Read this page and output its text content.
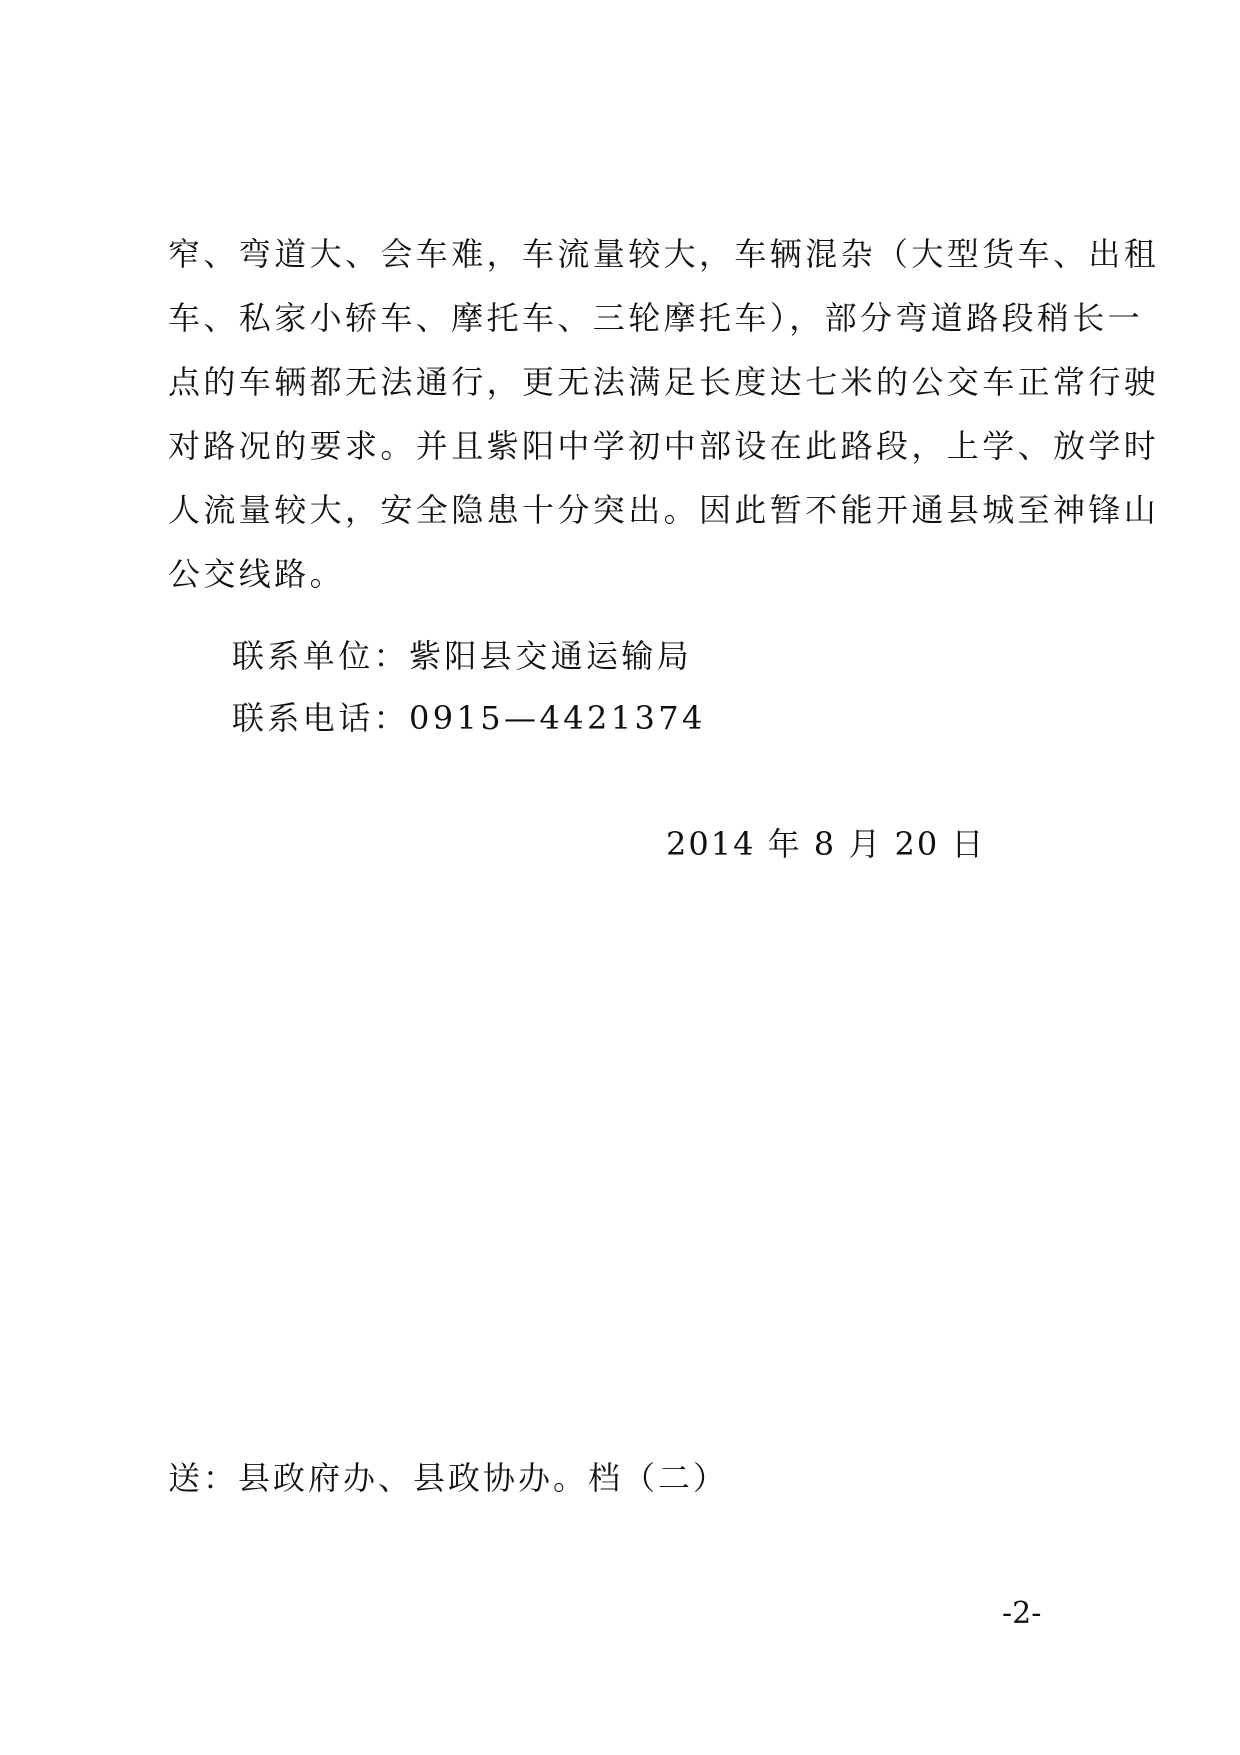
窄、弯道大、会车难，车流量较大，车辆混杂（大型货车、出租
车、私家小轿车、摩托车、三轮摩托车），部分弯道路段稍长一
点的车辆都无法通行，更无法满足长度达七米的公交车正常行驶
对路况的要求。并且紫阳中学初中部设在此路段，上学、放学时
人流量较大，安全隐患十分突出。因此暂不能开通县城至神锋山
公交线路。
联系单位：紫阳县交通运输局
联系电话：0915—4421374
2014 年 8 月 20 日
送：县政府办、县政协办。档（二）
-2-
